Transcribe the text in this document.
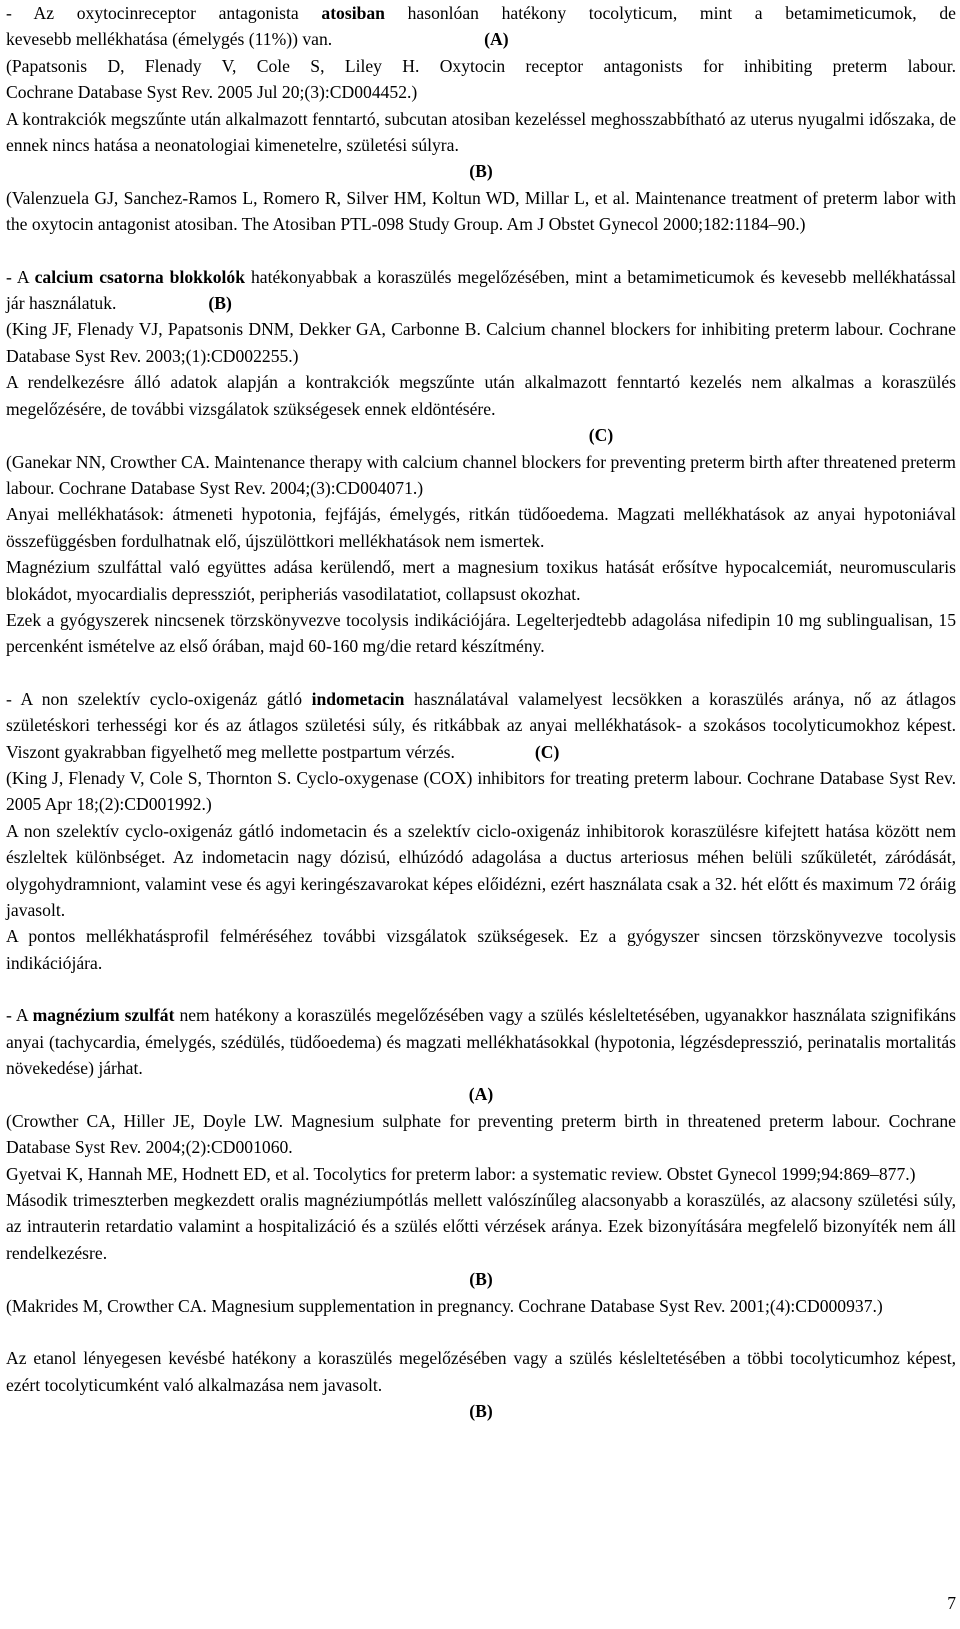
- Az oxytocinreceptor antagonista atosiban hasonlóan hatékony tocolyticum, mint a betamimeticumok, de
kevesebb mellékhatása (émelygés (11%)) van.	(A)
(Papatsonis D, Flenady V, Cole S, Liley H. Oxytocin receptor antagonists for inhibiting preterm labour.
Cochrane Database Syst Rev. 2005 Jul 20;(3):CD004452.)
A kontrakciók megszűnte után alkalmazott fenntartó, subcutan atosiban kezeléssel meghosszabbítható az uterus nyugalmi időszaka, de ennek nincs hatása a neonatologiai kimenetelre, születési súlyra.
(B)
(Valenzuela GJ, Sanchez-Ramos L, Romero R, Silver HM, Koltun WD, Millar L, et al. Maintenance treatment of preterm labor with the oxytocin antagonist atosiban. The Atosiban PTL-098 Study Group. Am J Obstet Gynecol 2000;182:1184–90.)
- A calcium csatorna blokkolók hatékonyabbak a koraszülés megelőzésében, mint a betamimeticumok és kevesebb mellékhatással jár használatuk.	(B)
(King JF, Flenady VJ, Papatsonis DNM, Dekker GA, Carbonne B. Calcium channel blockers for inhibiting preterm labour. Cochrane Database Syst Rev. 2003;(1):CD002255.)
A rendelkezésre álló adatok alapján a kontrakciók megszűnte után alkalmazott fenntartó kezelés nem alkalmas a koraszülés megelőzésére, de további vizsgálatok szükségesek ennek eldöntésére.
(C)
(Ganekar NN, Crowther CA. Maintenance therapy with calcium channel blockers for preventing preterm birth after threatened preterm labour. Cochrane Database Syst Rev. 2004;(3):CD004071.)
Anyai mellékhatások: átmeneti hypotonia, fejfájás, émelygés, ritkán tüdőoedema. Magzati mellékhatások az anyai hypotoniával összefüggésben fordulhatnak elő, újszülöttkori mellékhatások nem ismertek.
Magnézium szulfáttal való együttes adása kerülendő, mert a magnesium toxikus hatását erősítve hypocalcemiát, neuromuscularis blokádot, myocardialis depressziót, peripheriás vasodilatatiot, collapsust okozhat.
Ezek a gyógyszerek nincsenek törzskönyvezve tocolysis indikációjára. Legelterjedtebb adagolása nifedipin 10 mg sublingualisan, 15 percenként ismételve az első órában, majd 60-160 mg/die retard készítmény.
- A non szelektív cyclo-oxigenáz gátló indometacin használatával valamelyest lecsökken a koraszülés aránya, nő az átlagos születéskori terhességi kor és az átlagos születési súly, és ritkábbak az anyai mellékhatások- a szokásos tocolyticumokhoz képest. Viszont gyakrabban figyelhető meg mellette postpartum vérzés.	(C)
(King J, Flenady V, Cole S, Thornton S. Cyclo-oxygenase (COX) inhibitors for treating preterm labour. Cochrane Database Syst Rev. 2005 Apr 18;(2):CD001992.)
A non szelektív cyclo-oxigenáz gátló indometacin és a szelektív ciclo-oxigenáz inhibitorok koraszülésre kifejtett hatása között nem észleltek különbséget. Az indometacin nagy dózisú, elhúzódó adagolása a ductus arteriosus méhen belüli szűkületét, záródását, olygohydramniont, valamint vese és agyi keringészavarokat képes előidézni, ezért használata csak a 32. hét előtt és maximum 72 óráig javasolt.
A pontos mellékhatásprofil felméréséhez további vizsgálatok szükségesek. Ez a gyógyszer sincsen törzskönyvezve tocolysis indikációjára.
- A magnézium szulfát nem hatékony a koraszülés megelőzésében vagy a szülés késleltetésében, ugyanakkor használata szignifikáns anyai (tachycardia, émelygés, szédülés, tüdőoedema) és magzati mellékhatásokkal (hypotonia, légzésdepresszió, perinatalis mortalitás növekedése) járhat.
(A)
(Crowther CA, Hiller JE, Doyle LW. Magnesium sulphate for preventing preterm birth in threatened preterm labour. Cochrane Database Syst Rev. 2004;(2):CD001060.
Gyetvai K, Hannah ME, Hodnett ED, et al. Tocolytics for preterm labor: a systematic review. Obstet Gynecol 1999;94:869–877.)
Második trimeszterben megkezdett oralis magnéziumpótlás mellett valószínűleg alacsonyabb a koraszülés, az alacsony születési súly, az intrauterin retardatio valamint a hospitalizáció és a szülés előtti vérzések aránya. Ezek bizonyítására megfelelő bizonyíték nem áll rendelkezésre.
(B)
(Makrides M, Crowther CA. Magnesium supplementation in pregnancy. Cochrane Database Syst Rev. 2001;(4):CD000937.)
Az etanol lényegesen kevésbé hatékony a koraszülés megelőzésében vagy a szülés késleltetésében a többi tocolyticumhoz képest, ezért tocolyticumként való alkalmazása nem javasolt.
(B)
7
